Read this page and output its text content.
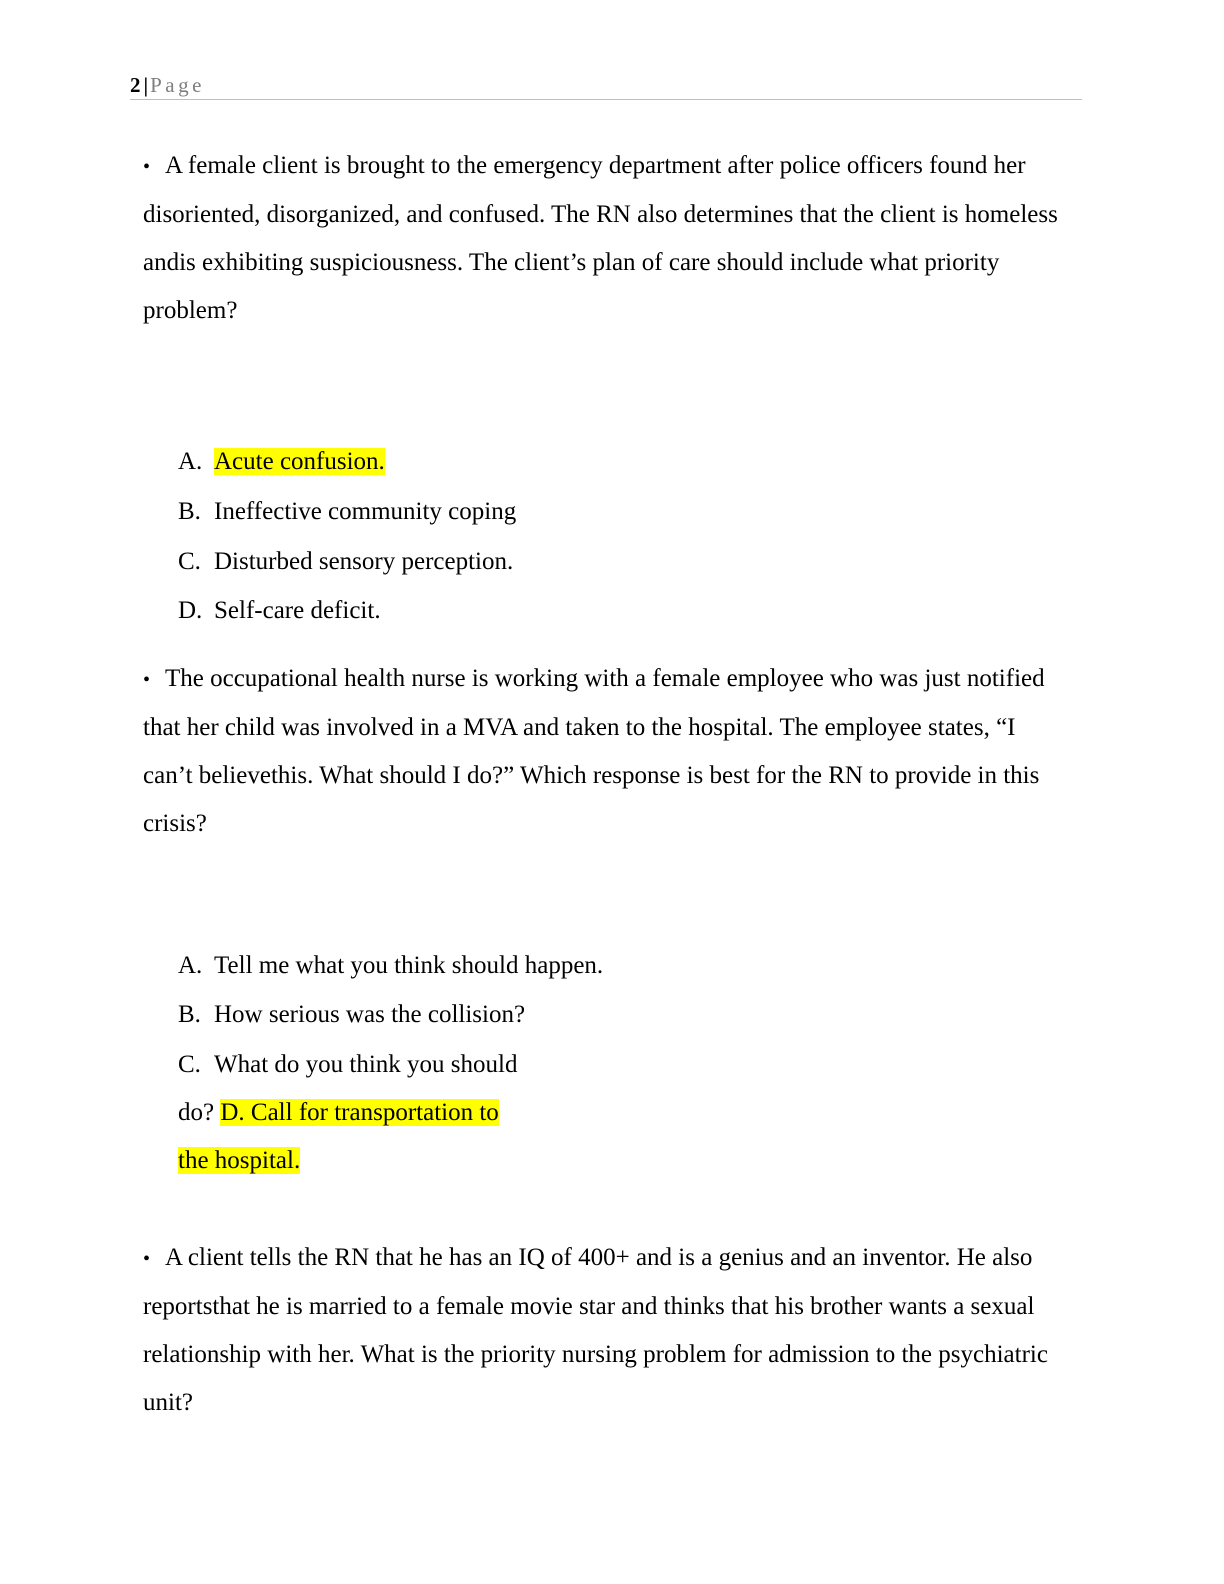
2 |Page
• A female client is brought to the emergency department after police officers found her disoriented, disorganized, and confused. The RN also determines that the client is homeless andis exhibiting suspiciousness. The client’s plan of care should include what priority problem?
A. Acute confusion.
B. Ineffective community coping
C. Disturbed sensory perception.
D. Self-care deficit.
• The occupational health nurse is working with a female employee who was just notified that her child was involved in a MVA and taken to the hospital. The employee states, “I can’t believethis. What should I do?” Which response is best for the RN to provide in this crisis?
A. Tell me what you think should happen.
B. How serious was the collision?
C. What do you think you should
do? D. Call for transportation to
the hospital.
• A client tells the RN that he has an IQ of 400+ and is a genius and an inventor. He also reportsthat he is married to a female movie star and thinks that his brother wants a sexual relationship with her. What is the priority nursing problem for admission to the psychiatric unit?
